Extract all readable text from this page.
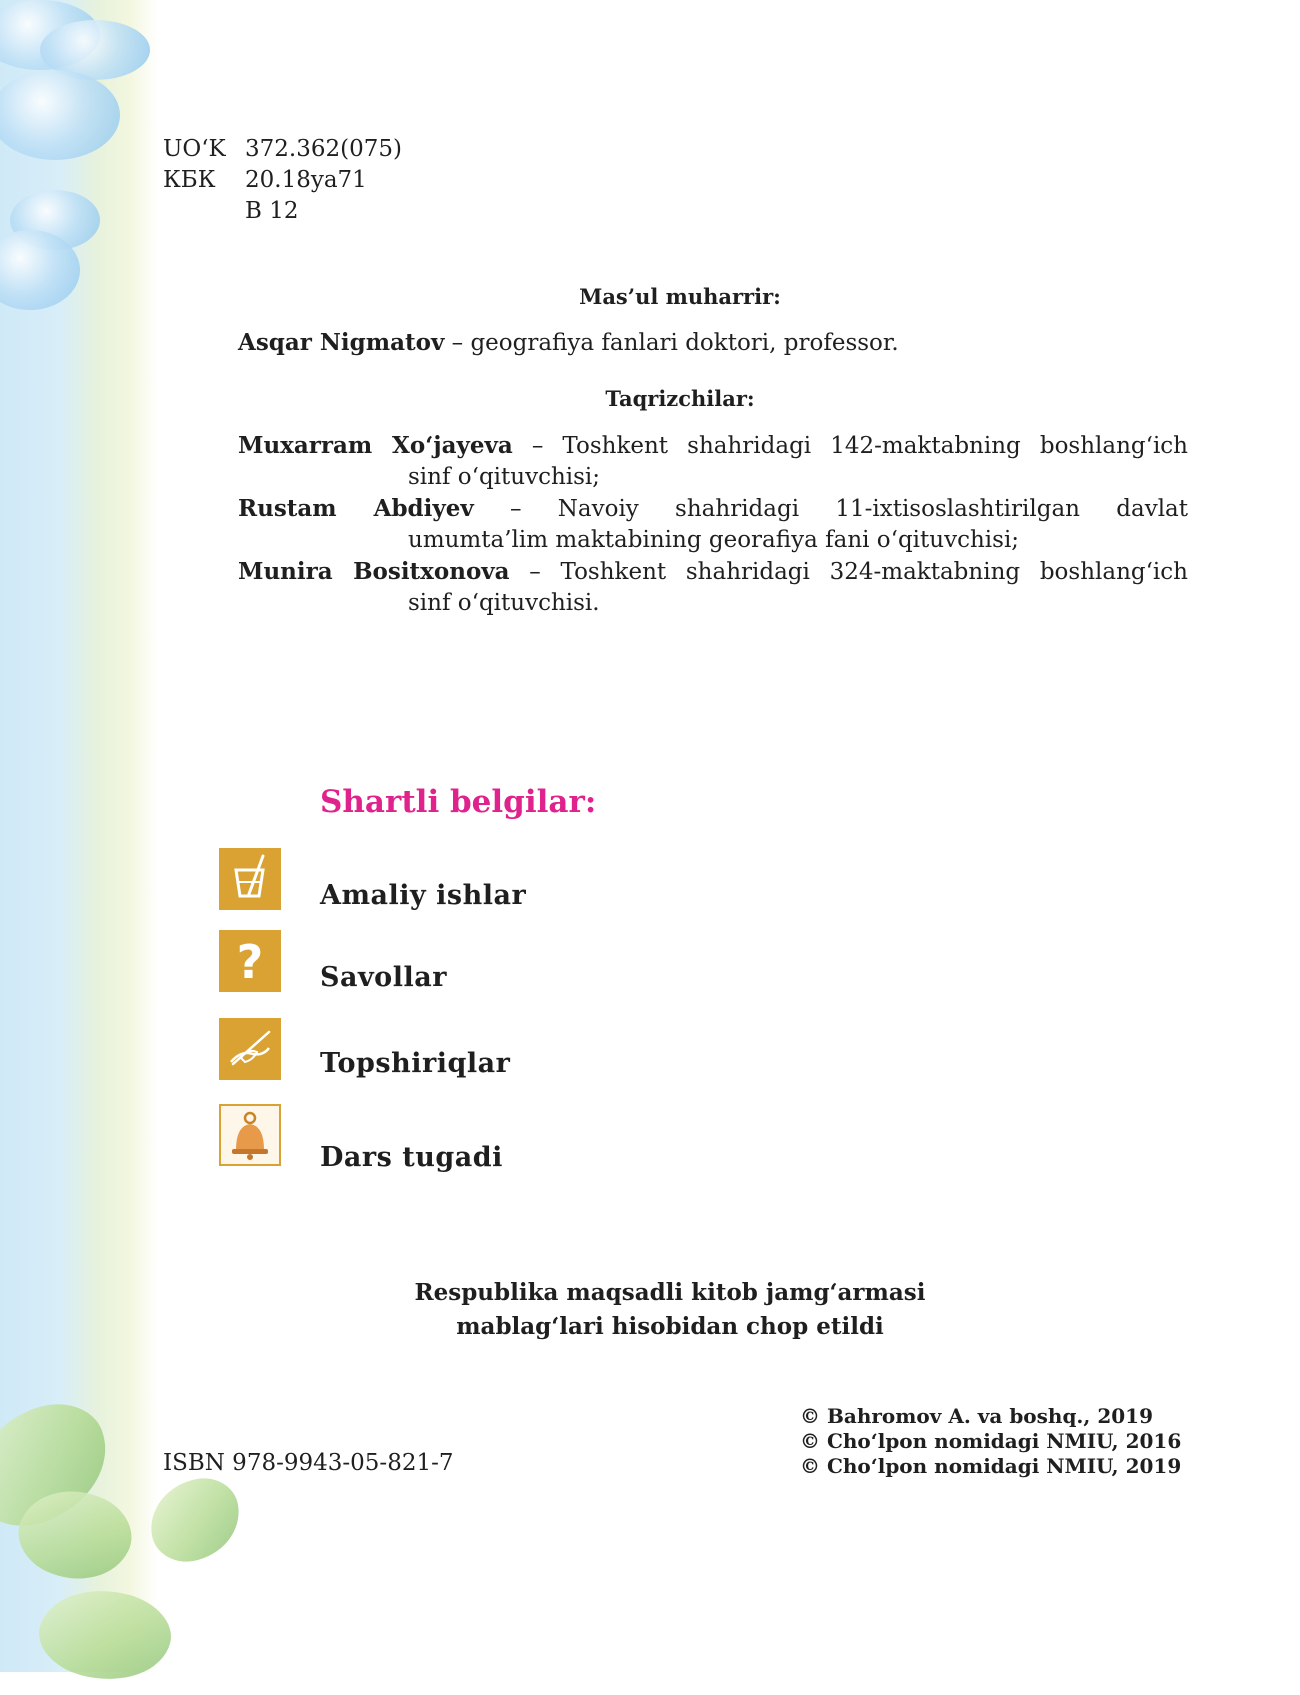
UO‘K 372.362(075)
КБК 20.18ya71
B 12
Mas’ul muharrir:
Asqar Nigmatov – geografiya fanlari doktori, professor.
Taqrizchilar:
Muxarram Xo‘jayeva – Toshkent shahridagi 142-maktabning boshlang‘ich
sinf o‘qituvchisi;
Rustam Abdiyev – Navoiy shahridagi 11-ixtisoslashtirilgan davlat
umumta’lim maktabining georafiya fani o‘qituvchisi;
Munira Bositxonova – Toshkent shahridagi 324-maktabning boshlang‘ich
sinf o‘qituvchisi.
Shartli belgilar:
Amaliy ishlar
? Savollar
Topshiriqlar
Dars tugadi
Respublika maqsadli kitob jamg‘armasi
mablag‘lari hisobidan chop etildi
ISBN 978-9943-05-821-7
© Bahromov A. va boshq., 2019
© Cho‘lpon nomidagi NMIU, 2016
© Cho‘lpon nomidagi NMIU, 2019
